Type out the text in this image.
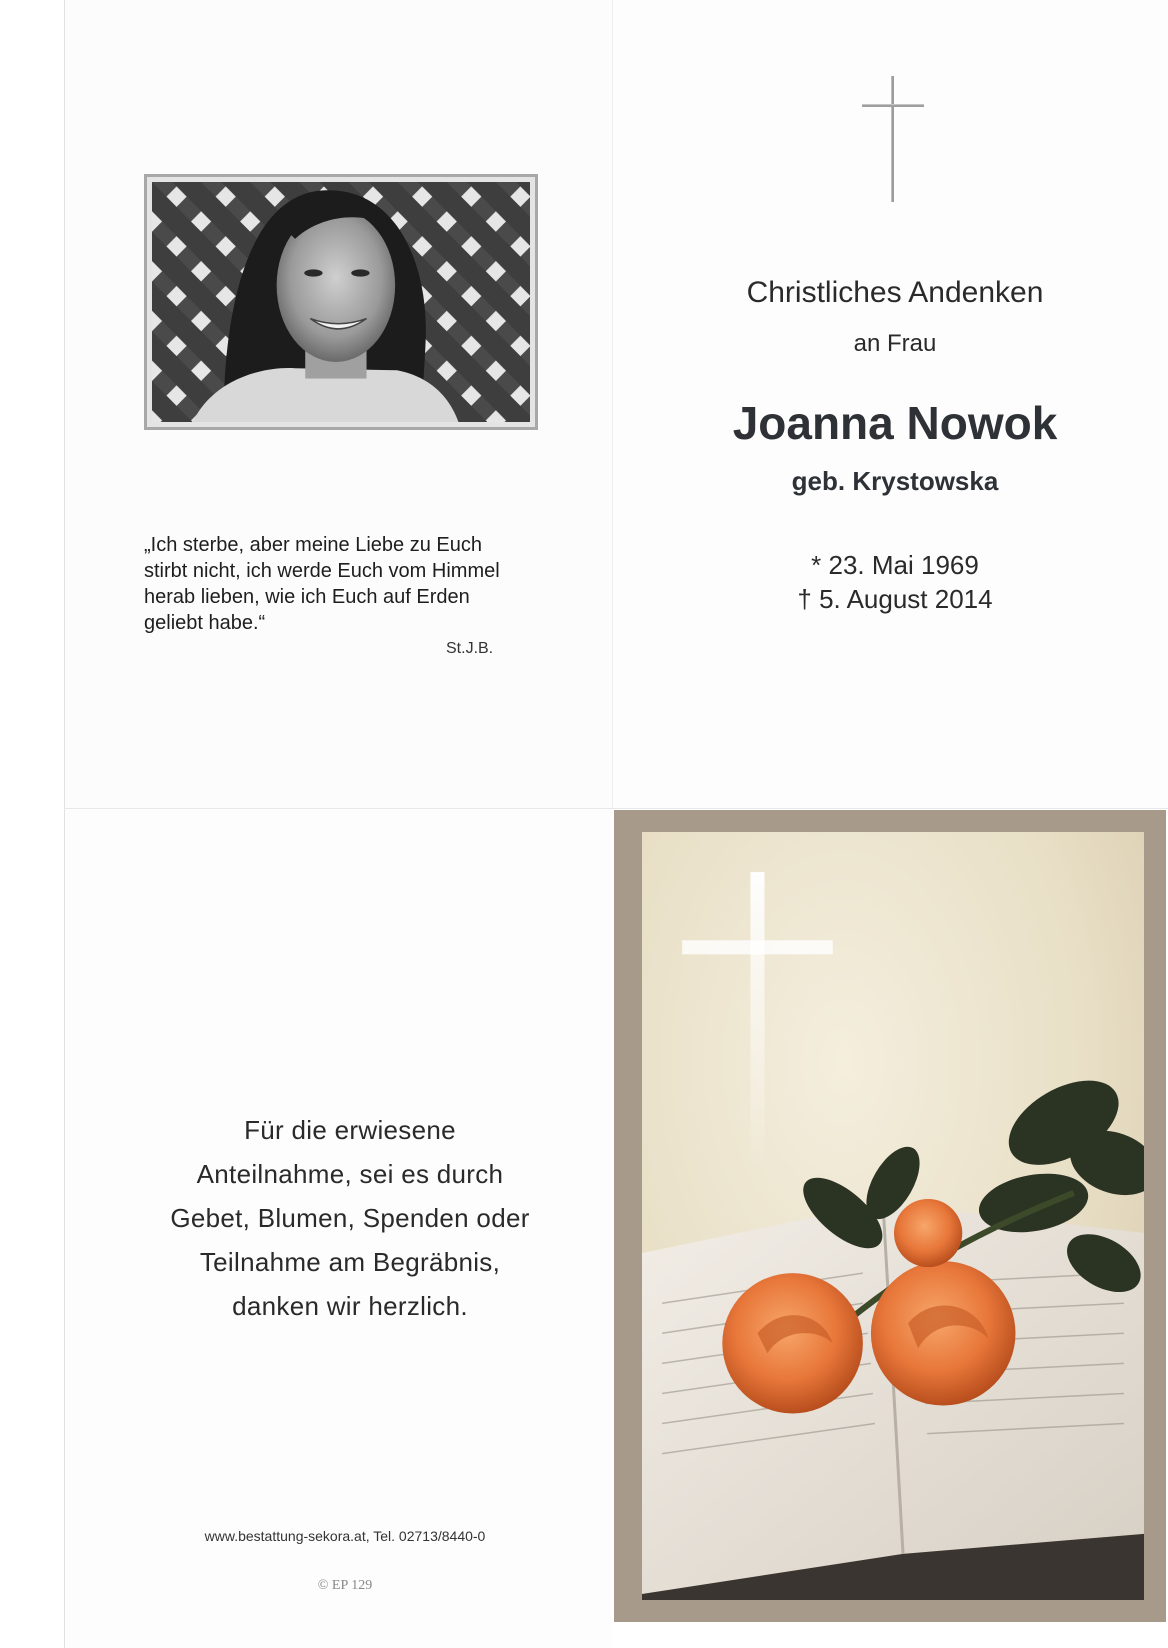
„Ich sterbe, aber meine Liebe zu Euch
stirbt nicht, ich werde Euch vom Himmel
herab lieben, wie ich Euch auf Erden
geliebt habe.“
St.J.B.
Christliches Andenken
an Frau
Joanna Nowok
geb. Krystowska
* 23. Mai 1969
† 5. August 2014
Für die erwiesene
Anteilnahme, sei es durch
Gebet, Blumen, Spenden oder
Teilnahme am Begräbnis,
danken wir herzlich.
www.bestattung-sekora.at, Tel. 02713/8440-0
© EP 129
